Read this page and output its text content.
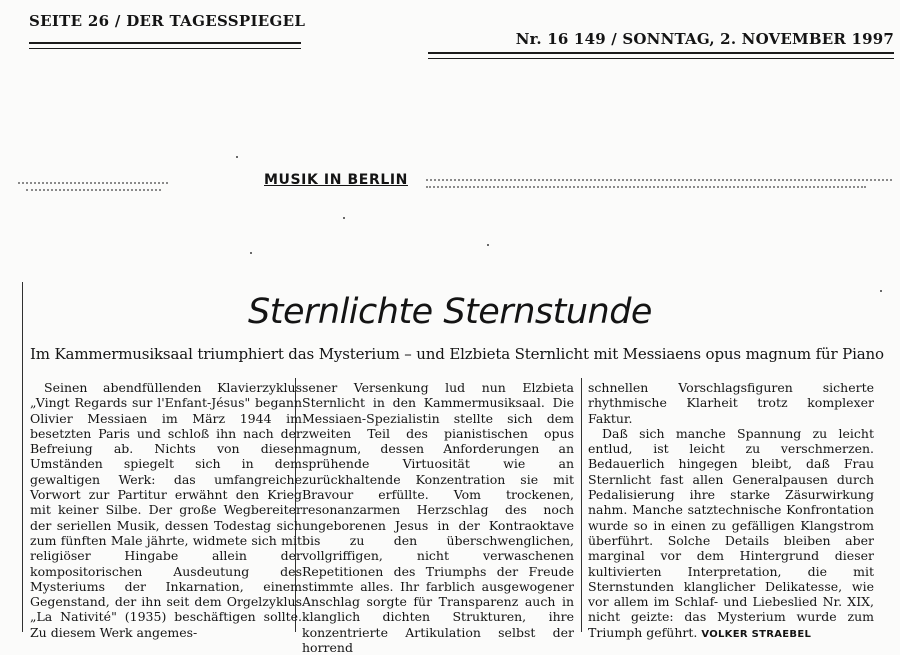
SEITE 26 / DER TAGESSPIEGEL
Nr. 16 149 / SONNTAG, 2. NOVEMBER 1997
MUSIK IN BERLIN
Sternlichte Sternstunde
Im Kammermusiksaal triumphiert das Mysterium – und Elzbieta Sternlicht mit Messiaens opus magnum für Piano

Seinen abendfüllenden Klavierzyklus „Vingt Regards sur l'Enfant-Jésus" begann Olivier Messiaen im März 1944 im besetzten Paris und schloß ihn nach der Befreiung ab. Nichts von diesen Umständen spiegelt sich in dem gewaltigen Werk: das umfangreiche Vorwort zur Partitur erwähnt den Krieg mit keiner Silbe. Der große Wegbereiter der seriellen Musik, dessen Todestag sich zum fünften Male jährte, widmete sich mit religiöser Hingabe allein der kompositorischen Ausdeutung des Mysteriums der Inkarnation, einem Gegenstand, der ihn seit dem Orgelzyklus „La Nativité" (1935) beschäftigen sollte. Zu diesem Werk angemes-

sener Versenkung lud nun Elzbieta Sternlicht in den Kammermusiksaal. Die Messiaen-Spezialistin stellte sich dem zweiten Teil des pianistischen opus magnum, dessen Anforderungen an sprühende Virtuosität wie an zurückhaltende Konzentration sie mit Bravour erfüllte. Vom trockenen, resonanzarmen Herzschlag des noch ungeborenen Jesus in der Kontraoktave bis zu den überschwenglichen, vollgriffigen, nicht verwaschenen Repetitionen des Triumphs der Freude stimmte alles. Ihr farblich ausgewogener Anschlag sorgte für Transparenz auch in klanglich dichten Strukturen, ihre konzentrierte Artikulation selbst der horrend

schnellen Vorschlagsfiguren sicherte rhythmische Klarheit trotz komplexer Faktur.

Daß sich manche Spannung zu leicht entlud, ist leicht zu verschmerzen. Bedauerlich hingegen bleibt, daß Frau Sternlicht fast allen Generalpausen durch Pedalisierung ihre starke Zäsurwirkung nahm. Manche satztechnische Konfrontation wurde so in einen zu gefälligen Klangstrom überführt. Solche Details bleiben aber marginal vor dem Hintergrund dieser kultivierten Interpretation, die mit Sternstunden klanglicher Delikatesse, wie vor allem im Schlaf- und Liebeslied Nr. XIX, nicht geizte: das Mysterium wurde zum Triumph geführt. VOLKER STRAEBEL
